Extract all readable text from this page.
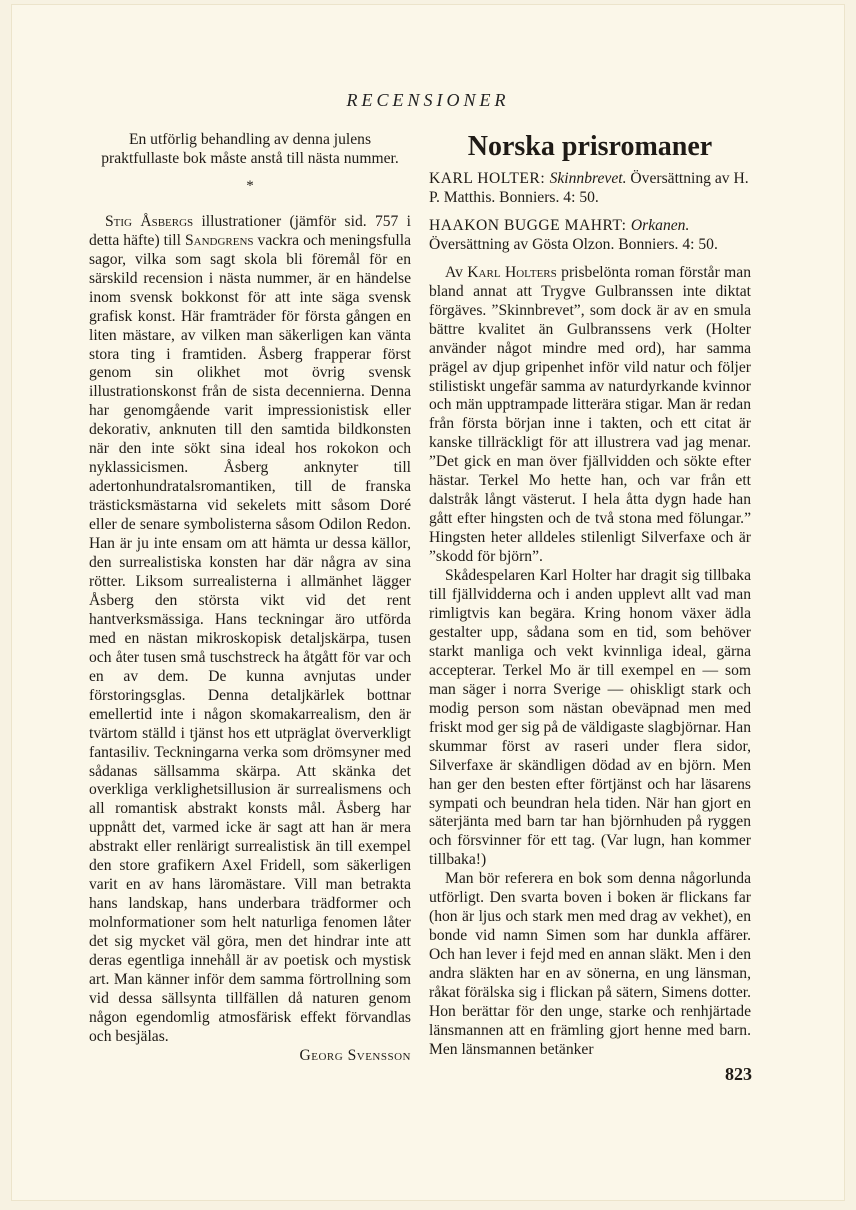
RECENSIONER

En utförlig behandling av denna julens praktfullaste bok måste anstå till nästa nummer.

*

Stig Åsbergs illustrationer (jämför sid. 757 i detta häfte) till Sandgrens vackra och meningsfulla sagor, vilka som sagt skola bli föremål för en särskild recension i nästa nummer, är en händelse inom svensk bokkonst för att inte säga svensk grafisk konst. Här framträder för första gången en liten mästare, av vilken man säkerligen kan vänta stora ting i framtiden. Åsberg frapperar först genom sin olikhet mot övrig svensk illustrationskonst från de sista decennierna. Denna har genomgående varit impressionistisk eller dekorativ, anknuten till den samtida bildkonsten när den inte sökt sina ideal hos rokokon och nyklassicismen. Åsberg anknyter till adertonhundratalsromantiken, till de franska trästicksmästarna vid sekelets mitt såsom Doré eller de senare symbolisterna såsom Odilon Redon. Han är ju inte ensam om att hämta ur dessa källor, den surrealistiska konsten har där några av sina rötter. Liksom surrealisterna i allmänhet lägger Åsberg den största vikt vid det rent hantverksmässiga. Hans teckningar äro utförda med en nästan mikroskopisk detaljskärpa, tusen och åter tusen små tuschstreck ha åtgått för var och en av dem. De kunna avnjutas under förstoringsglas. Denna detaljkärlek bottnar emellertid inte i någon skomakarrealism, den är tvärtom ställd i tjänst hos ett utpräglat öververkligt fantasiliv. Teckningarna verka som drömsyner med sådanas sällsamma skärpa. Att skänka det overkliga verklighetsillusion är surrealismens och all romantisk abstrakt konsts mål. Åsberg har uppnått det, varmed icke är sagt att han är mera abstrakt eller renlärigt surrealistisk än till exempel den store grafikern Axel Fridell, som säkerligen varit en av hans läromästare. Vill man betrakta hans landskap, hans underbara trädformer och molnformationer som helt naturliga fenomen låter det sig mycket väl göra, men det hindrar inte att deras egentliga innehåll är av poetisk och mystisk art. Man känner inför dem samma förtrollning som vid dessa sällsynta tillfällen då naturen genom någon egendomlig atmosfärisk effekt förvandlas och besjälas.

Georg Svensson

Norska prisromaner

KARL HOLTER: Skinnbrevet. Översättning av H. P. Matthis. Bonniers. 4: 50.

HAAKON BUGGE MAHRT: Orkanen. Översättning av Gösta Olzon. Bonniers. 4: 50.

Av Karl Holters prisbelönta roman förstår man bland annat att Trygve Gulbranssen inte diktat förgäves. ”Skinnbrevet”, som dock är av en smula bättre kvalitet än Gulbranssens verk (Holter använder något mindre med ord), har samma prägel av djup gripenhet inför vild natur och följer stilistiskt ungefär samma av naturdyrkande kvinnor och män upptrampade litterära stigar. Man är redan från första början inne i takten, och ett citat är kanske tillräckligt för att illustrera vad jag menar. ”Det gick en man över fjällvidden och sökte efter hästar. Terkel Mo hette han, och var från ett dalstråk långt västerut. I hela åtta dygn hade han gått efter hingsten och de två stona med fölungar.” Hingsten heter alldeles stilenligt Silverfaxe och är ”skodd för björn”.

Skådespelaren Karl Holter har dragit sig tillbaka till fjällvidderna och i anden upplevt allt vad man rimligtvis kan begära. Kring honom växer ädla gestalter upp, sådana som en tid, som behöver starkt manliga och vekt kvinnliga ideal, gärna accepterar. Terkel Mo är till exempel en — som man säger i norra Sverige — ohiskligt stark och modig person som nästan obeväpnad men med friskt mod ger sig på de väldigaste slagbjörnar. Han skummar först av raseri under flera sidor, Silverfaxe är skändligen dödad av en björn. Men han ger den besten efter förtjänst och har läsarens sympati och beundran hela tiden. När han gjort en säterjänta med barn tar han björnhuden på ryggen och försvinner för ett tag. (Var lugn, han kommer tillbaka!)

Man bör referera en bok som denna någorlunda utförligt. Den svarta boven i boken är flickans far (hon är ljus och stark men med drag av vekhet), en bonde vid namn Simen som har dunkla affärer. Och han lever i fejd med en annan släkt. Men i den andra släkten har en av sönerna, en ung länsman, råkat förälska sig i flickan på sätern, Simens dotter. Hon berättar för den unge, starke och renhjärtade länsmannen att en främling gjort henne med barn. Men länsmannen betänker

823
